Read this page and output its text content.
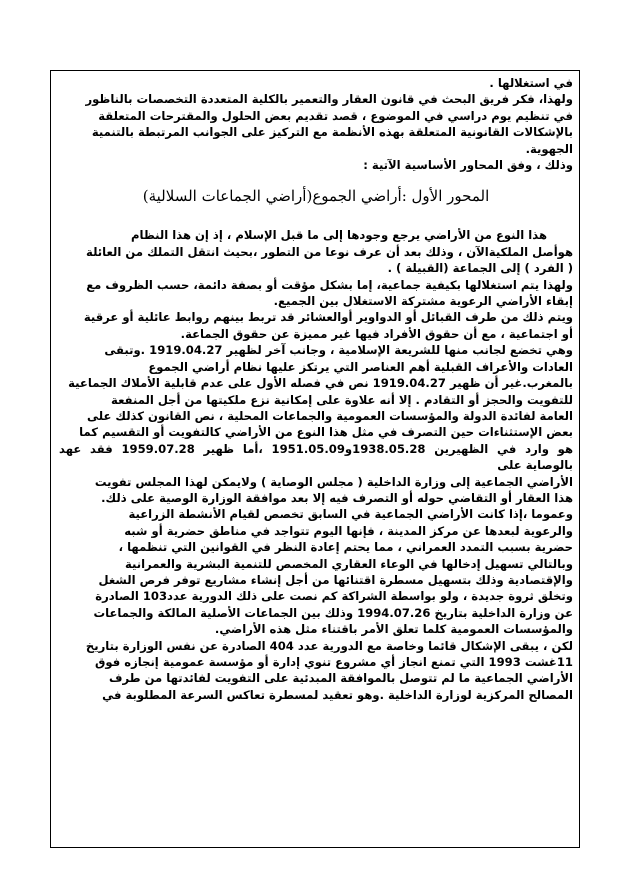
في استغلالها .
ولهذا، فكر فريق البحث في قانون العقار والتعمير بالكلية المتعددة التخصصات بالناظور
في تنظيم يوم دراسي في الموضوع ، قصد تقديم بعض الحلول والمقترحات المتعلقة
بالإشكالات القانونية المتعلقة بهذه الأنظمة مع التركيز على الجوانب المرتبطة بالتنمية
الجهوية.
وذلك ، وفق المحاور الأساسية الآتية :
المحور الأول :أراضي الجموع(أراضي الجماعات السلالية)
هذا النوع من الأراضي يرجع وجودها إلى ما قبل الإسلام ، إذ إن هذا النظام
هوأصل الملكيةالآن ، وذلك بعد أن عرف نوعا من التطور ،بحيث انتقل التملك من العائلة
( الفرد ) إلى الجماعة (القبيلة ) .
ولهذا يتم استغلالها بكيفية جماعية، إما بشكل مؤقت أو بصفة دائمة، حسب الظروف مع
إبقاء الأراضي الرعوية مشتركة الاستغلال بين الجميع.
ويتم ذلك من طرف القبائل أو الدواوير أوالعشائر قد تربط بينهم روابط عائلية أو عرقية
أو اجتماعية ، مع أن حقوق الأفراد فيها غير مميزة عن حقوق الجماعة.
وهي تخضع لجانب منها للشريعة الإسلامية ، وجانب آخر لظهير 1919.04.27 .وتبقى
العادات والأعراف القبلية أهم العناصر التي يرتكز عليها نظام أراضي الجموع
بالمغرب.غير أن ظهير 1919.04.27 نص في فصله الأول على عدم قابلية الأملاك الجماعية
للتفويت والحجز أو التقادم . إلا أنه علاوة على إمكانية نزع ملكيتها من أجل المنفعة
العامة لفائدة الدولة والمؤسسات العمومية والجماعات المحلية ، نص القانون كذلك على
بعض الإستثناءات حين التصرف في مثل هذا النوع من الأراضي كالتفويت أو التقسيم كما
هو وارد في الظهيرين 1938.05.28و1951.05.09 ،أما ظهير 1959.07.28 فقد عهد بالوصاية على
الأراضي الجماعية إلى وزارة الداخلية ( مجلس الوصاية ) ولايمكن لهذا المجلس تفويت
هذا العقار أو التقاضي حوله أو التصرف فيه إلا بعد موافقة الوزارة الوصية على ذلك.
وعموما ،إذا كانت الأراضي الجماعية في السابق تخصص لقيام الأنشطة الزراعية
والرعوية لبعدها عن مركز المدينة ، فإنها اليوم تتواجد في مناطق حضرية أو شبه
حضرية بسبب التمدد العمراني ، مما يحتم إعادة النظر في القوانين التي تنظمها ،
وبالتالي تسهيل إدخالها في الوعاء العقاري المخصص للتنمية البشرية والعمرانية
والإقتصادية وذلك بتسهيل مسطرة اقتنائها من أجل إنشاء مشاريع توفر فرص الشغل
وتخلق ثروة جديدة ، ولو بواسطة الشراكة كم نصت على ذلك الدورية عدد103 الصادرة
عن وزارة الداخلية بتاريخ 1994.07.26 وذلك بين الجماعات الأصلية المالكة والجماعات
والمؤسسات العمومية كلما تعلق الأمر باقتناء مثل هذه الأراضي.
لكن ، يبقى الإشكال قائما وخاصة مع الدورية عدد 404 الصادرة عن نفس الوزارة بتاريخ
11غشت 1993 التي تمنع انجاز أي مشروع تنوي إدارة أو مؤسسة عمومية إنجازه فوق
الأراضي الجماعية ما لم تتوصل بالموافقة المبدئية على التفويت لفائدتها من طرف
المصالح المركزية لوزارة الداخلية .وهو تعقيد لمسطرة تعاكس السرعة المطلوبة في
